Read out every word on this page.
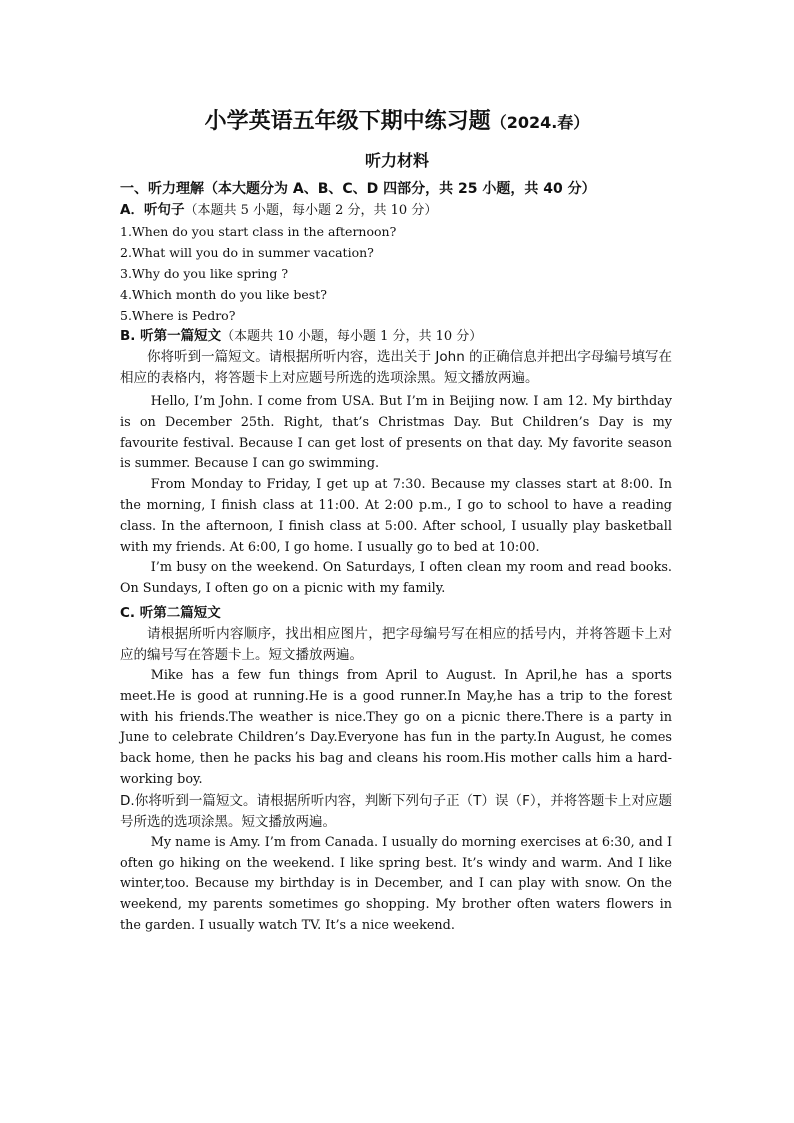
小学英语五年级下期中练习题（2024.春）
听力材料

一、听力理解（本大题分为 A、B、C、D 四部分，共 25 小题，共 40 分）

A．听句子（本题共 5 小题，每小题 2 分，共 10 分）

1.When do you start class in the afternoon?

2.What will you do in summer vacation?

3.Why do you like spring ?

4.Which month do you like best?

5.Where is Pedro?

B. 听第一篇短文（本题共 10 小题，每小题 1 分，共 10 分）

你将听到一篇短文。请根据所听内容，选出关于 John 的正确信息并把出字母编号填写在相应的表格内，将答题卡上对应题号所选的选项涂黑。短文播放两遍。

Hello, I’m John. I come from USA. But I’m in Beijing now. I am 12. My birthday is on December 25th. Right, that’s Christmas Day. But Children’s Day is my favourite festival. Because I can get lost of presents on that day. My favorite season is summer. Because I can go swimming.

From Monday to Friday, I get up at 7:30. Because my classes start at 8:00. In the morning, I finish class at 11:00. At 2:00 p.m., I go to school to have a reading class. In the afternoon, I finish class at 5:00. After school, I usually play basketball with my friends. At 6:00, I go home. I usually go to bed at 10:00.

I’m busy on the weekend. On Saturdays, I often clean my room and read books. On Sundays, I often go on a picnic with my family.

C. 听第二篇短文

请根据所听内容顺序，找出相应图片，把字母编号写在相应的括号内，并将答题卡上对应的编号写在答题卡上。短文播放两遍。

Mike has a few fun things from April to August. In April,he has a sports meet.He is good at running.He is a good runner.In May,he has a trip to the forest with his friends.The weather is nice.They go on a picnic there.There is a party in June to celebrate Children’s Day.Everyone has fun in the party.In August, he comes back home, then he packs his bag and cleans his room.His mother calls him a hard-working boy.

D.你将听到一篇短文。请根据所听内容，判断下列句子正（T）误（F），并将答题卡上对应题号所选的选项涂黑。短文播放两遍。

My name is Amy. I’m from Canada. I usually do morning exercises at 6:30, and I often go hiking on the weekend. I like spring best. It’s windy and warm. And I like winter,too. Because my birthday is in December, and I can play with snow. On the weekend, my parents sometimes go shopping. My brother often waters flowers in the garden. I usually watch TV. It’s a nice weekend.
